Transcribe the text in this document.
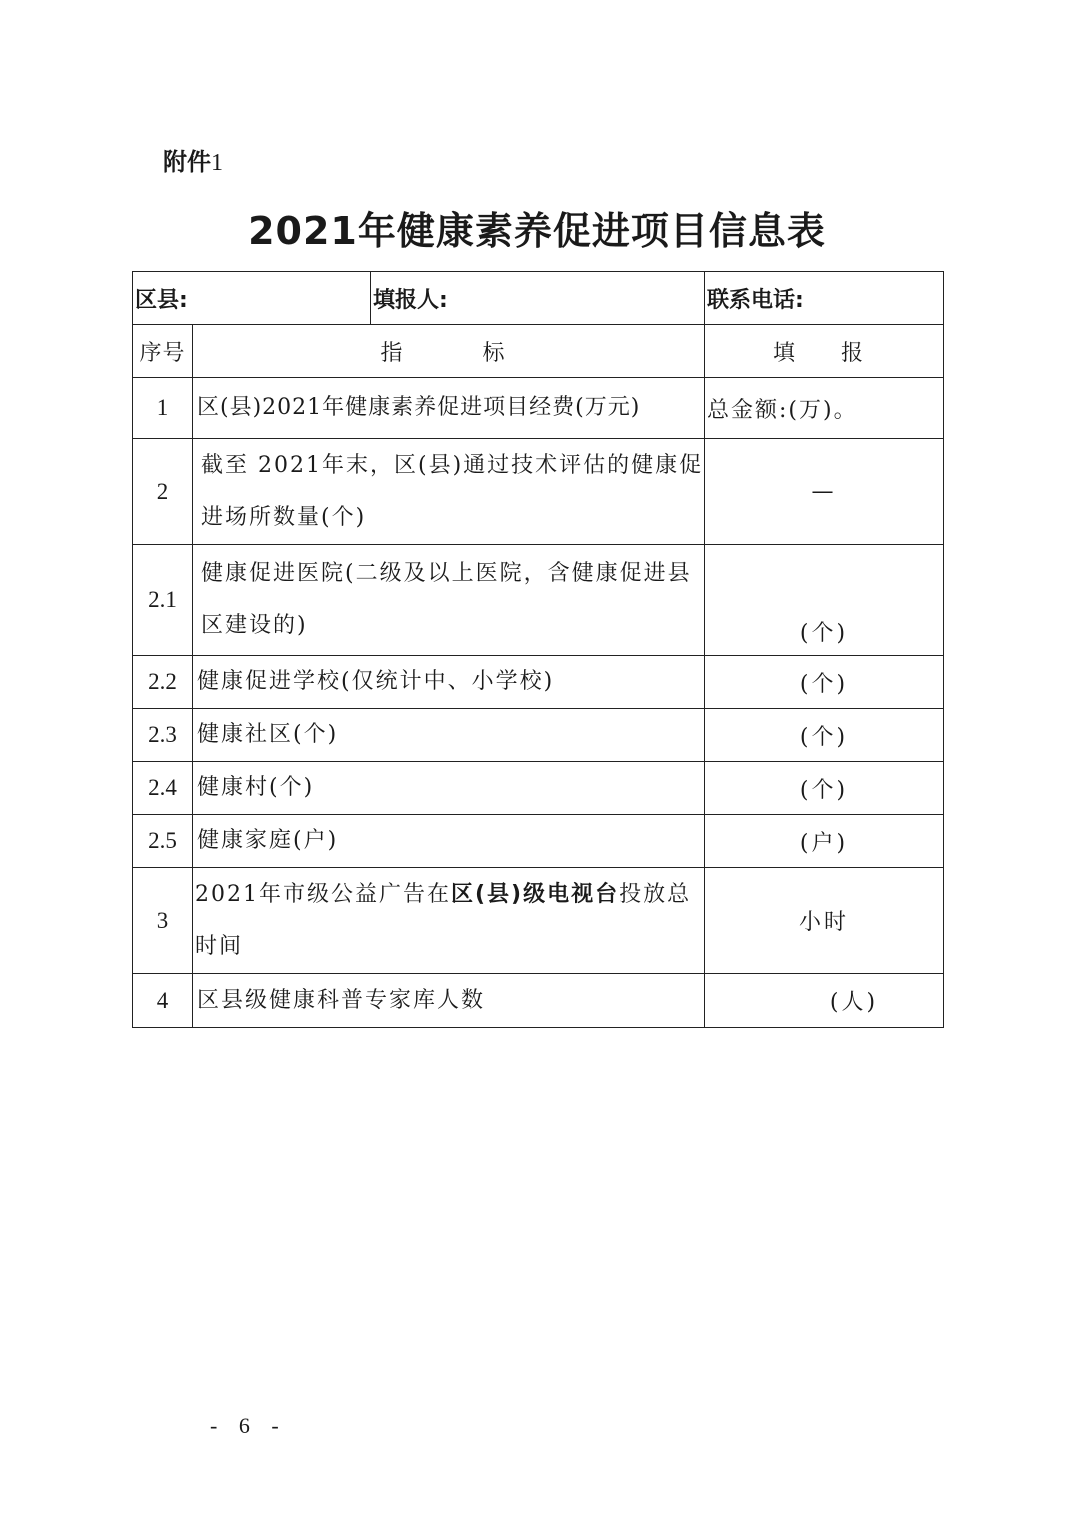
附件1
2021年健康素养促进项目信息表
区县:		填报人:	联系电话:
序号	指　　标		填　报
1	区(县)2021年健康素养促进项目经费(万元)		总金额:(万)。
2	截至 2021年末，区(县)通过技术评估的健康促进场所数量(个)		—
2.1	健康促进医院(二级及以上医院，含健康促进县区建设的)		(个)
2.2	健康促进学校(仅统计中、小学校)		(个)
2.3	健康社区(个)		(个)
2.4	健康村(个)		(个)
2.5	健康家庭(户)		(户)
3	2021年市级公益广告在区(县)级电视台投放总时间		小时
4	区县级健康科普专家库人数		(人)
- 6 -
